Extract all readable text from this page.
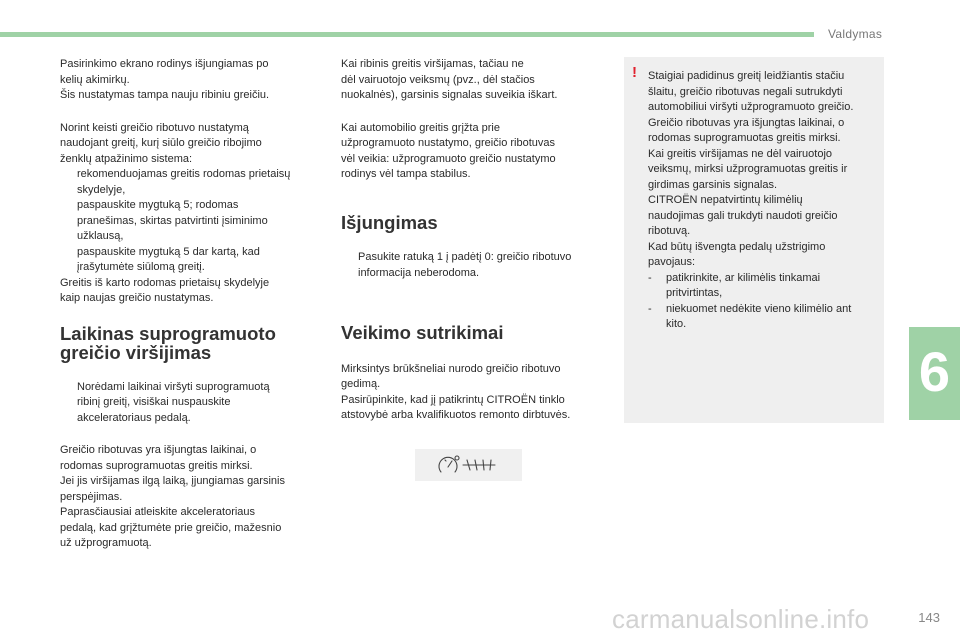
Valdymas
6

Pasirinkimo ekrano rodinys išjungiamas po
kelių akimirkų.
Šis nustatymas tampa nauju ribiniu greičiu.

Norint keisti greičio ribotuvo nustatymą
naudojant greitį, kurį siūlo greičio ribojimo
ženklų atpažinimo sistema:
rekomenduojamas greitis rodomas prietaisų
skydelyje,
paspauskite mygtuką 5; rodomas
pranešimas, skirtas patvirtinti įsiminimo
užklausą,
paspauskite mygtuką 5 dar kartą, kad
įrašytumėte siūlomą greitį.
Greitis iš karto rodomas prietaisų skydelyje
kaip naujas greičio nustatymas.

Laikinas suprogramuoto
greičio viršijimas

Norėdami laikinai viršyti suprogramuotą
ribinį greitį, visiškai nuspauskite
akceleratoriaus pedalą.

Greičio ribotuvas yra išjungtas laikinai, o
rodomas suprogramuotas greitis mirksi.
Jei jis viršijamas ilgą laiką, įjungiamas garsinis
perspėjimas.
Paprasčiausiai atleiskite akceleratoriaus
pedalą, kad grįžtumėte prie greičio, mažesnio
už užprogramuotą.

Kai ribinis greitis viršijamas, tačiau ne
dėl vairuotojo veiksmų (pvz., dėl stačios
nuokalnės), garsinis signalas suveikia iškart.

Kai automobilio greitis grįžta prie
užprogramuoto nustatymo, greičio ribotuvas
vėl veikia: užprogramuoto greičio nustatymo
rodinys vėl tampa stabilus.

Išjungimas

Pasukite ratuką 1 į padėtį 0: greičio ribotuvo
informacija neberodoma.

Veikimo sutrikimai

Mirksintys brūkšneliai nurodo greičio ribotuvo
gedimą.
Pasirūpinkite, kad jį patikrintų CITROËN tinklo
atstovybė arba kvalifikuotos remonto dirbtuvės.

! Staigiai padidinus greitį leidžiantis stačiu
šlaitu, greičio ribotuvas negali sutrukdyti
automobiliui viršyti užprogramuoto greičio.
Greičio ribotuvas yra išjungtas laikinai, o
rodomas suprogramuotas greitis mirksi.
Kai greitis viršijamas ne dėl vairuotojo
veiksmų, mirksi užprogramuotas greitis ir
girdimas garsinis signalas.
CITROËN nepatvirtintų kilimėlių
naudojimas gali trukdyti naudoti greičio
ribotuvą.
Kad būtų išvengta pedalų užstrigimo
pavojaus:
- patikrinkite, ar kilimėlis tinkamai
pritvirtintas,
- niekuomet nedėkite vieno kilimėlio ant
kito.
carmanualsonline.info	143
